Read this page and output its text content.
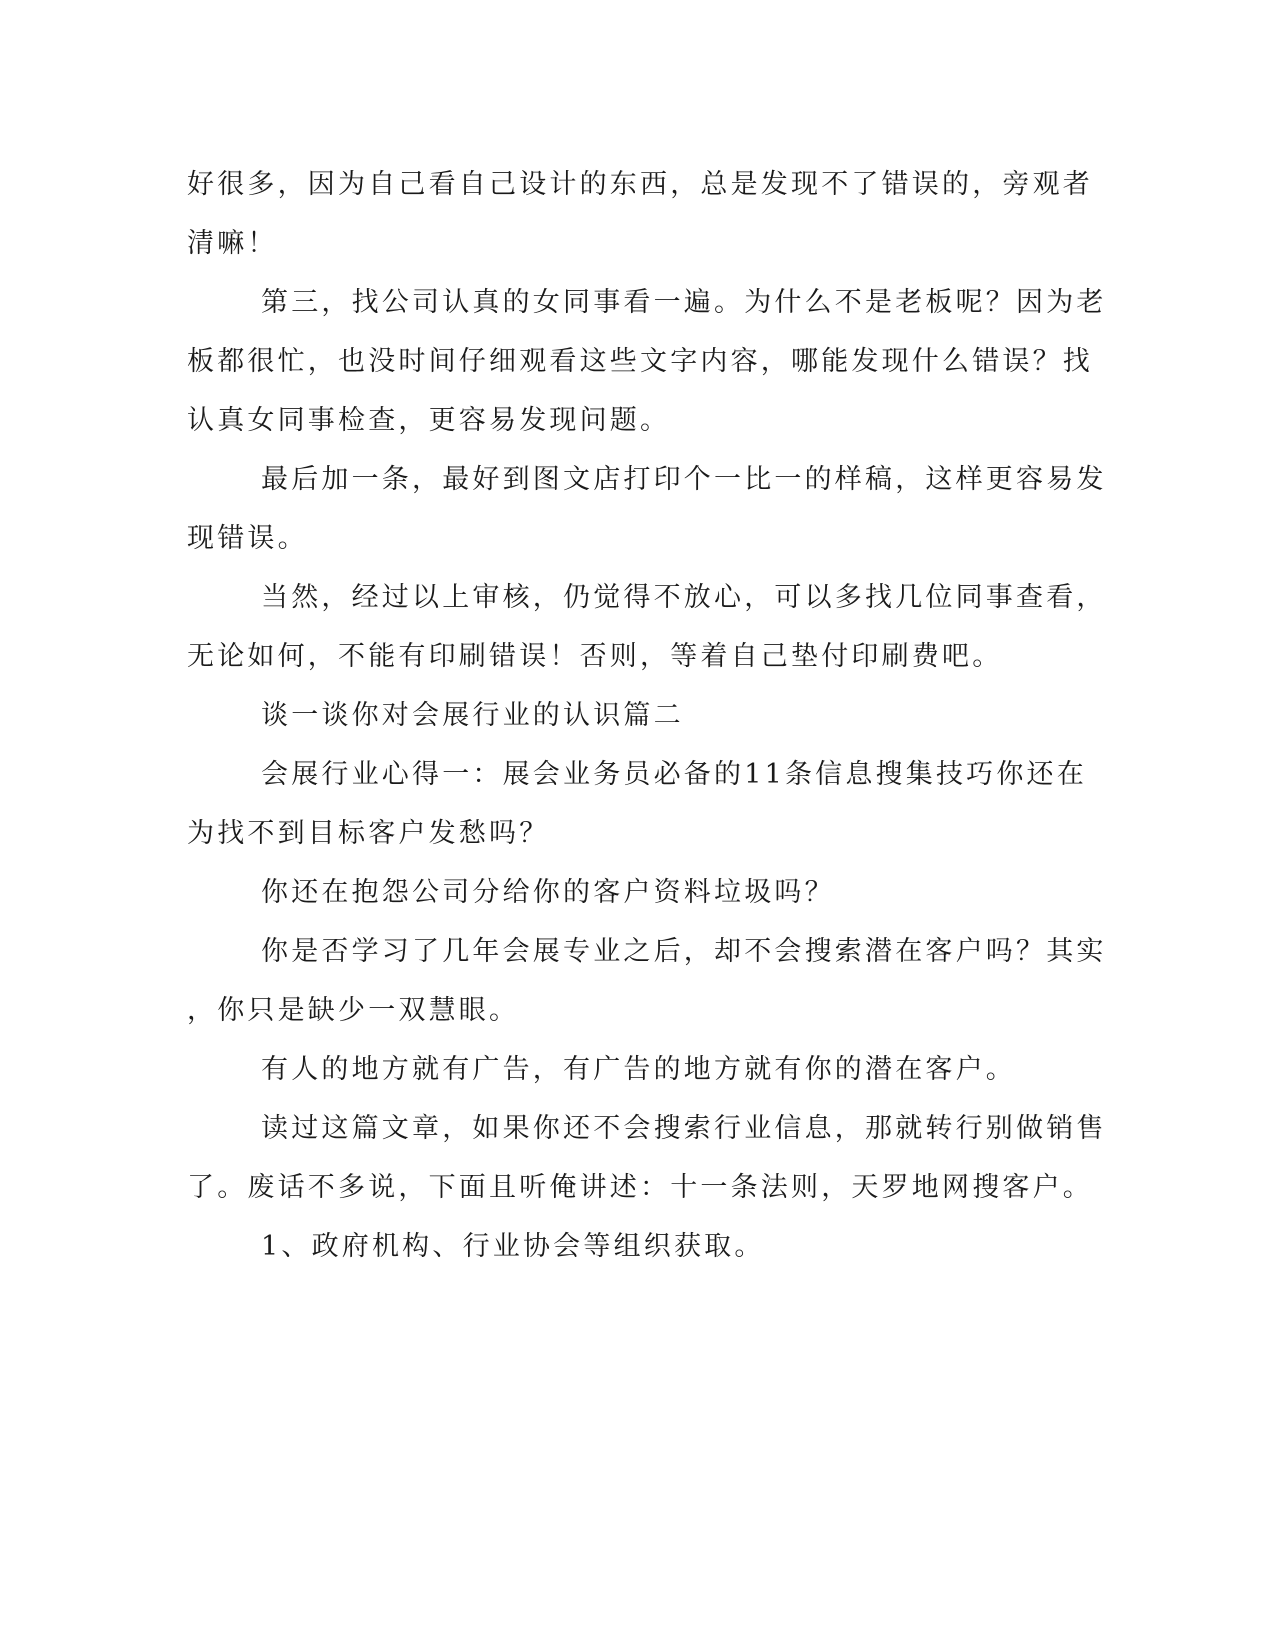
好很多，因为自己看自己设计的东西，总是发现不了错误的，旁观者
清嘛！
第三，找公司认真的女同事看一遍。为什么不是老板呢？因为老
板都很忙，也没时间仔细观看这些文字内容，哪能发现什么错误？找
认真女同事检查，更容易发现问题。
最后加一条，最好到图文店打印个一比一的样稿，这样更容易发
现错误。
当然，经过以上审核，仍觉得不放心，可以多找几位同事查看，
无论如何，不能有印刷错误！否则，等着自己垫付印刷费吧。
谈一谈你对会展行业的认识篇二
会展行业心得一：展会业务员必备的11条信息搜集技巧你还在
为找不到目标客户发愁吗？
你还在抱怨公司分给你的客户资料垃圾吗？
你是否学习了几年会展专业之后，却不会搜索潜在客户吗？其实
，你只是缺少一双慧眼。
有人的地方就有广告，有广告的地方就有你的潜在客户。
读过这篇文章，如果你还不会搜索行业信息，那就转行别做销售
了。废话不多说，下面且听俺讲述：十一条法则，天罗地网搜客户。
1、政府机构、行业协会等组织获取。
